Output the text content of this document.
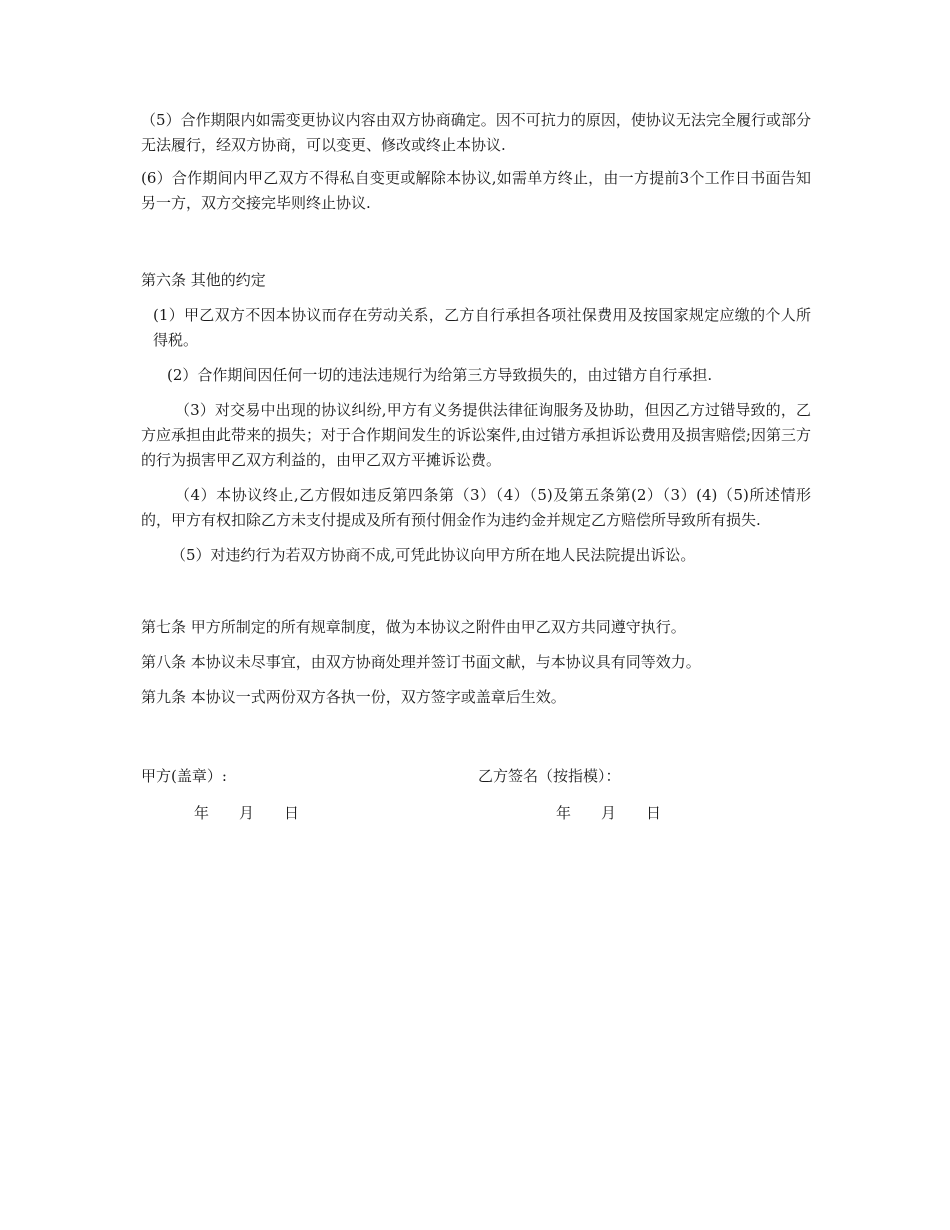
（5）合作期限内如需变更协议内容由双方协商确定。因不可抗力的原因，使协议无法完全履行或部分无法履行，经双方协商，可以变更、修改或终止本协议.

(6）合作期间内甲乙双方不得私自变更或解除本协议,如需单方终止，由一方提前3个工作日书面告知另一方，双方交接完毕则终止协议.

第六条 其他的约定

(1）甲乙双方不因本协议而存在劳动关系，乙方自行承担各项社保费用及按国家规定应缴的个人所得税。

(2）合作期间因任何一切的违法违规行为给第三方导致损失的，由过错方自行承担.

（3）对交易中出现的协议纠纷,甲方有义务提供法律征询服务及协助，但因乙方过错导致的，乙方应承担由此带来的损失；对于合作期间发生的诉讼案件,由过错方承担诉讼费用及损害赔偿;因第三方的行为损害甲乙双方利益的，由甲乙双方平摊诉讼费。

（4）本协议终止,乙方假如违反第四条第（3）（4）（5)及第五条第(2）（3）(4)（5)所述情形的，甲方有权扣除乙方未支付提成及所有预付佣金作为违约金并规定乙方赔偿所导致所有损失.

（5）对违约行为若双方协商不成,可凭此协议向甲方所在地人民法院提出诉讼。

第七条 甲方所制定的所有规章制度，做为本协议之附件由甲乙双方共同遵守执行。

第八条 本协议未尽事宜，由双方协商处理并签订书面文献，与本协议具有同等效力。

第九条 本协议一式两份双方各执一份，双方签字或盖章后生效。

甲方(盖章）:	乙方签名（按指模）：
年 月 日	年 月 日
